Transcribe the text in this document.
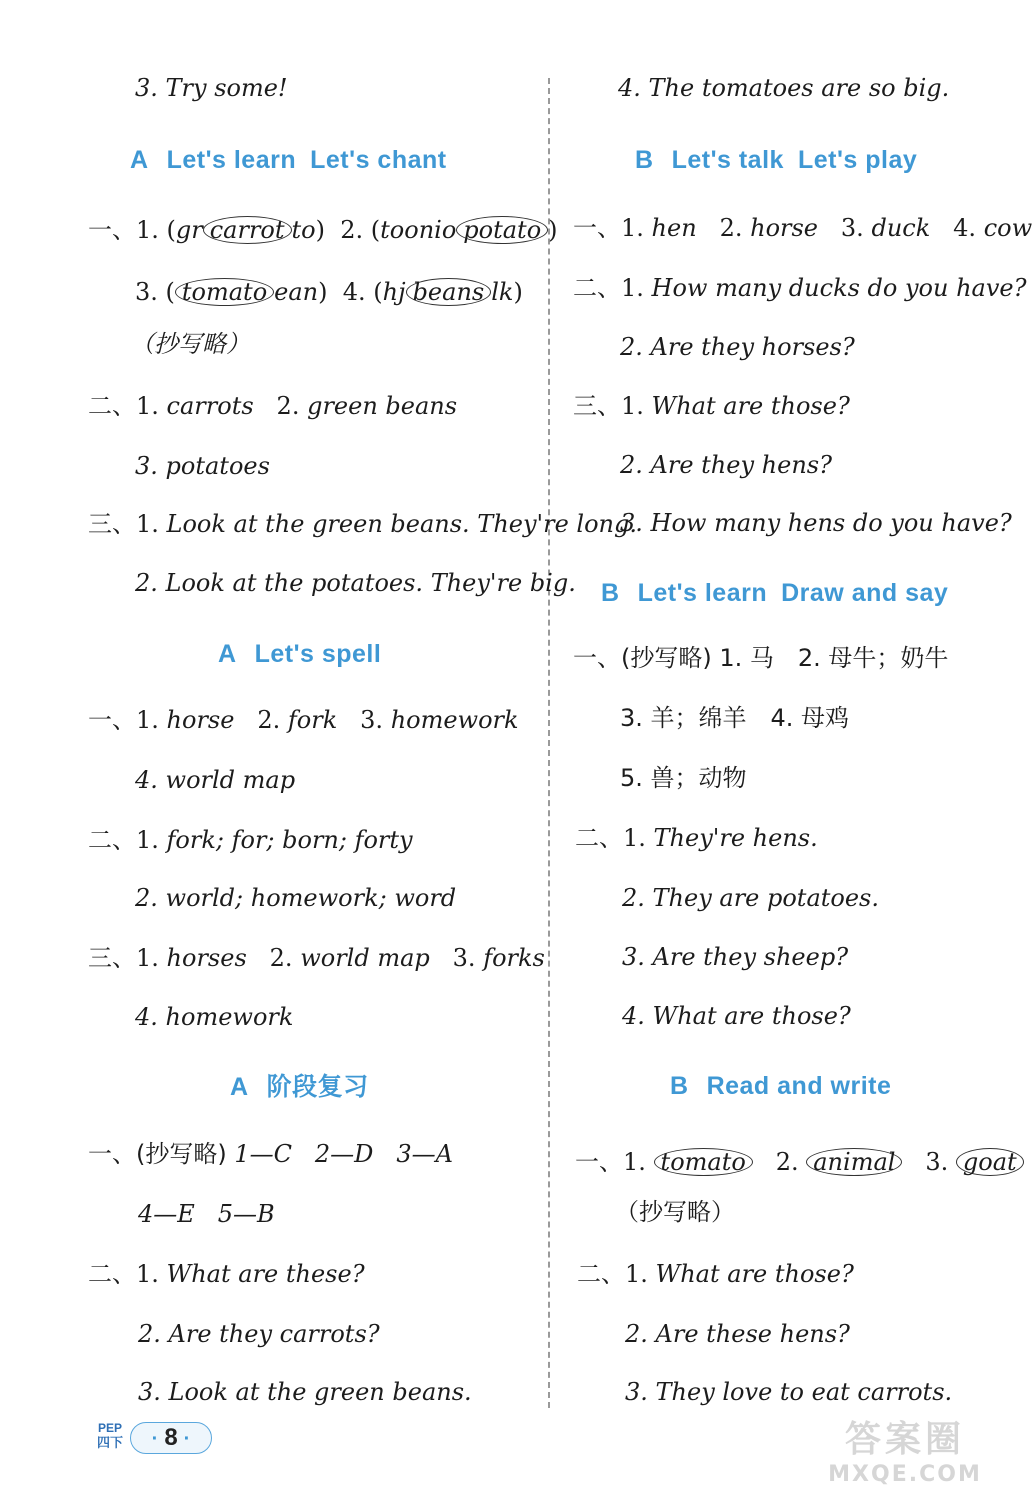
3. Try some!
A Let's learn Let's chant
一、1. (gr carrot to) 2. (toonio potato )
3. ( tomato ean) 4. (hj beans lk)
（抄写略）
二、1. carrots 2. green beans
3. potatoes
三、1. Look at the green beans. They're long.
2. Look at the potatoes. They're big.
A Let's spell
一、1. horse 2. fork 3. homework
4. world map
二、1. fork; for; born; forty
2. world; homework; word
三、1. horses 2. world map 3. forks
4. homework
A 阶段复习
一、(抄写略) 1—C 2—D 3—A
4—E 5—B
二、1. What are these?
2. Are they carrots?
3. Look at the green beans.
4. The tomatoes are so big.
B Let's talk Let's play
一、1. hen 2. horse 3. duck 4. cow
二、1. How many ducks do you have?
2. Are they horses?
三、1. What are those?
2. Are they hens?
3. How many hens do you have?
B Let's learn Draw and say
一、(抄写略) 1. 马　2. 母牛；奶牛
3. 羊；绵羊　4. 母鸡
5. 兽；动物
二、1. They're hens.
2. They are potatoes.
3. Are they sheep?
4. What are those?
B Read and write
一、1. tomato 2. animal 3. goat
（抄写略）
二、1. What are those?
2. Are these hens?
3. They love to eat carrots.
PEP
四下	· 8 ·	答案圈
MXQE.COM
